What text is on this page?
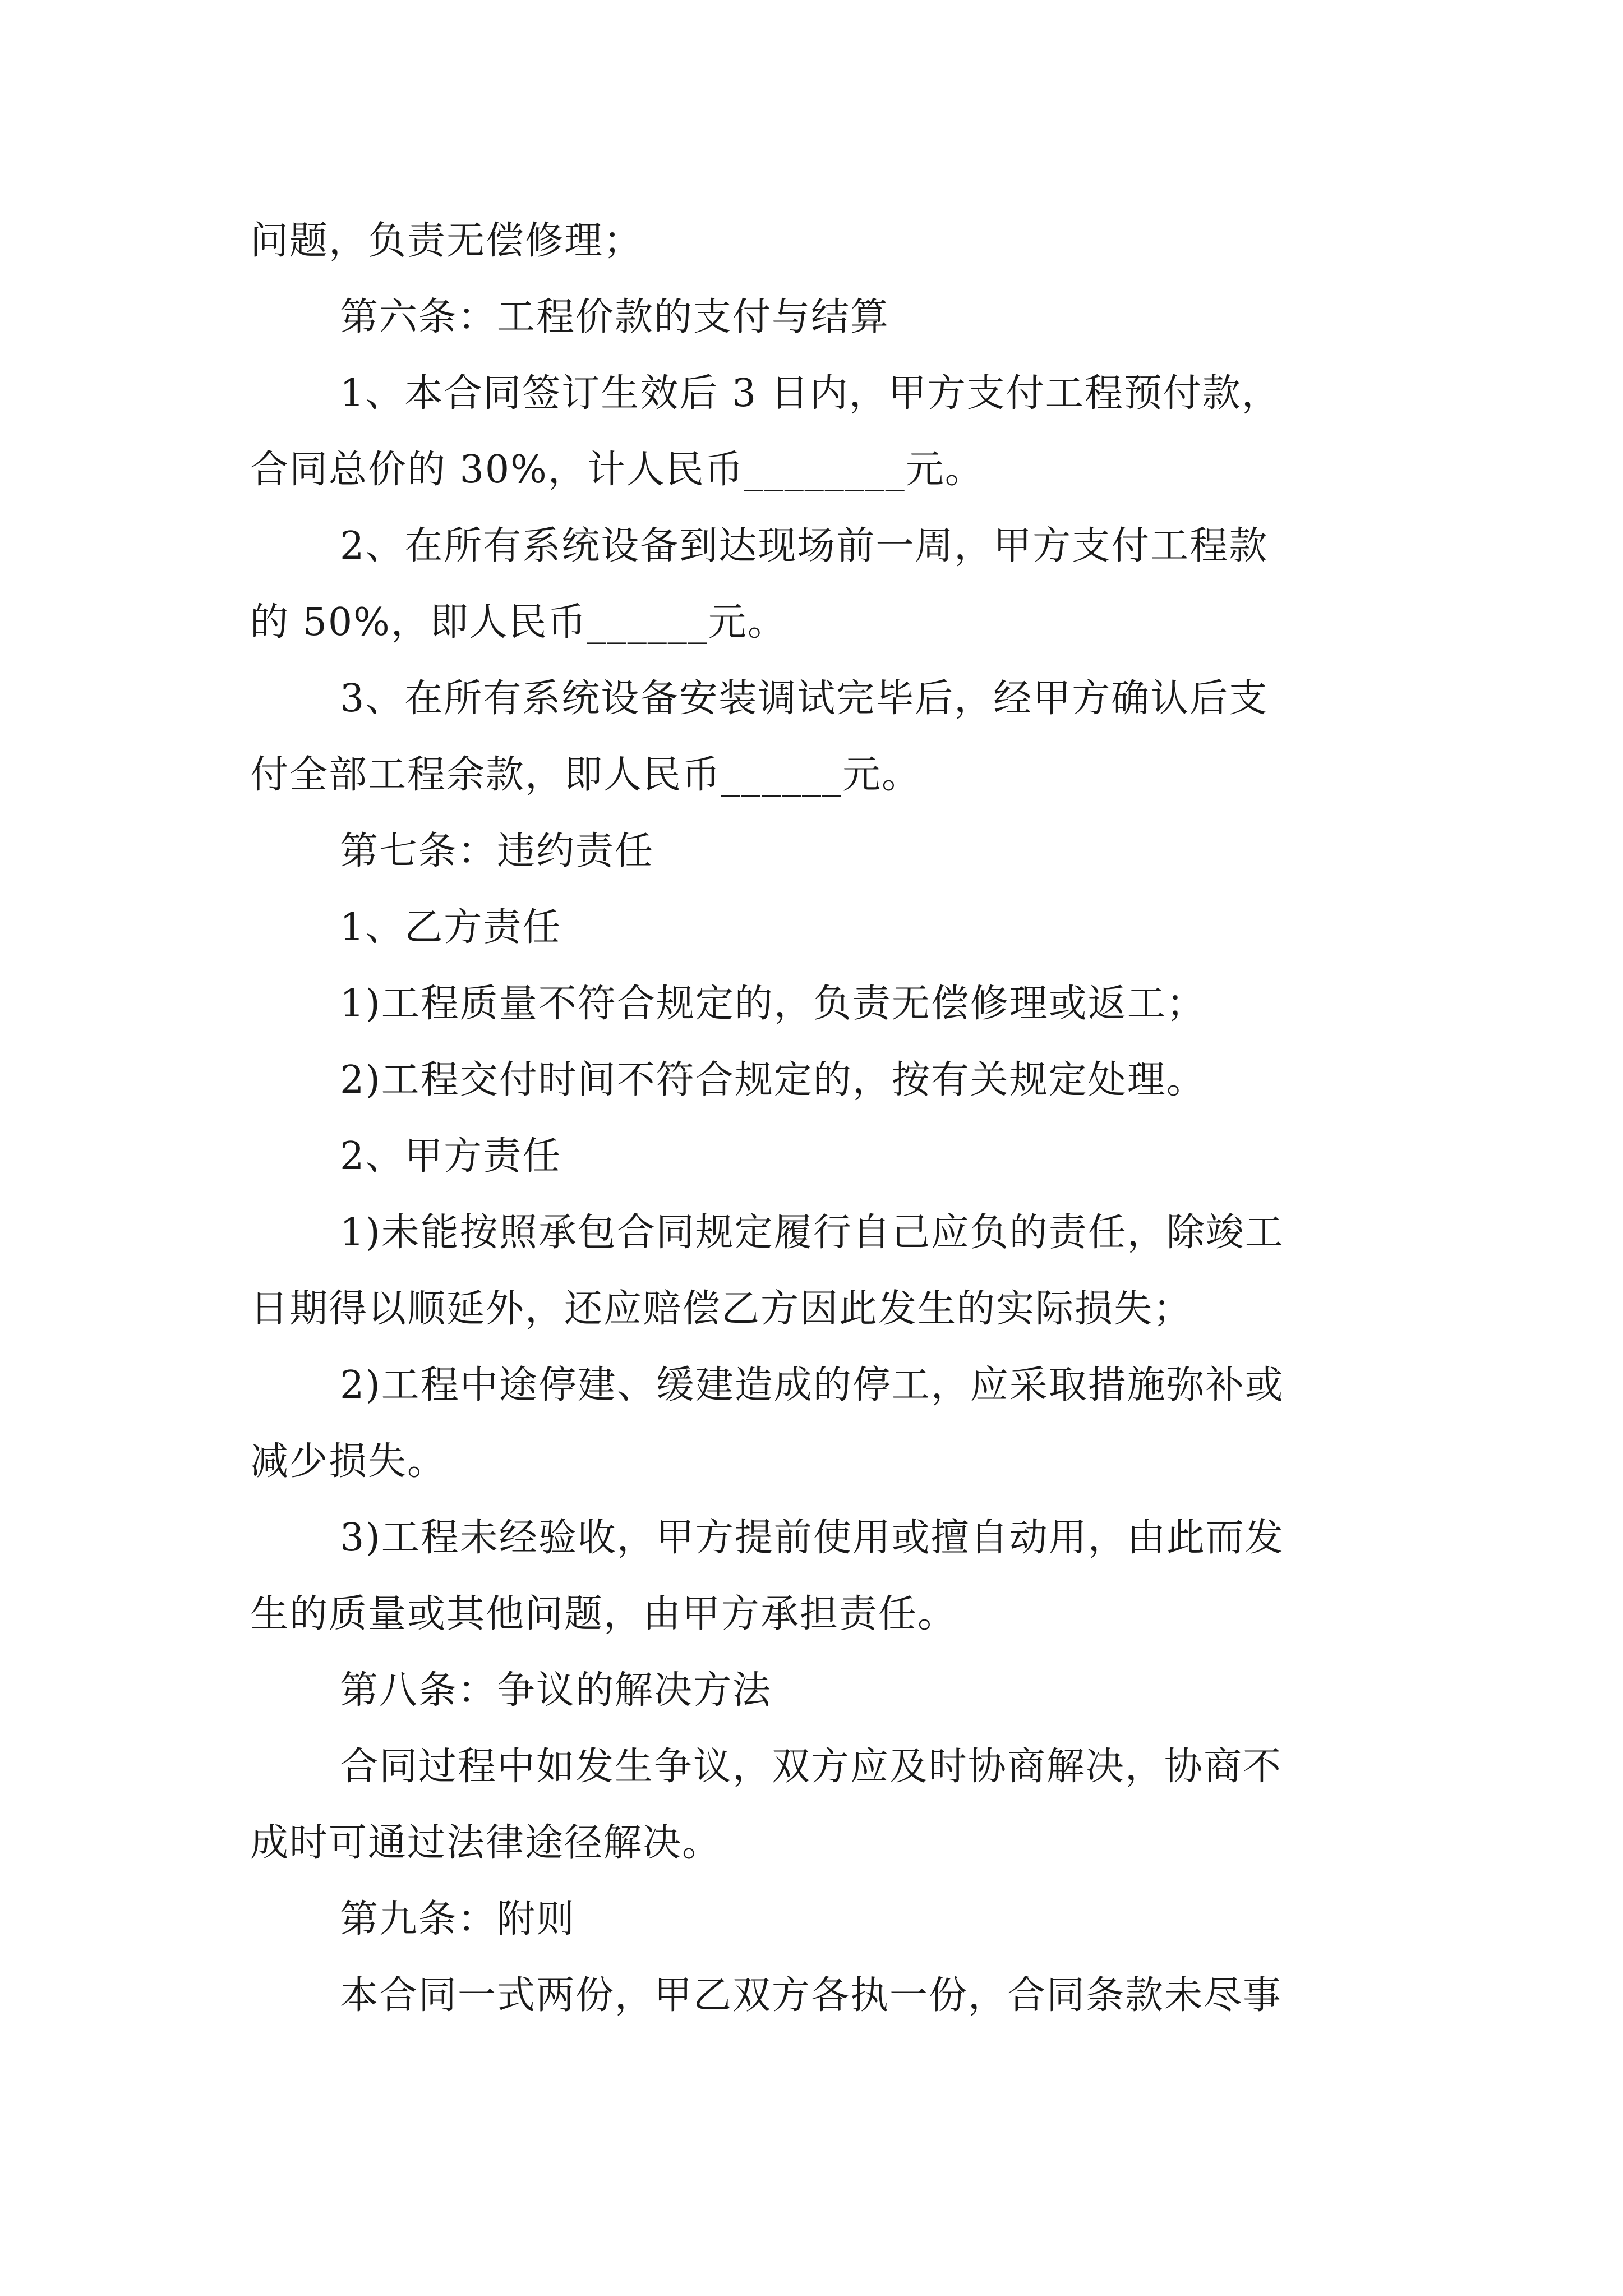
问题，负责无偿修理；
第六条：工程价款的支付与结算
1、本合同签订生效后 3 日内，甲方支付工程预付款，
合同总价的 30%，计人民币________元。
2、在所有系统设备到达现场前一周，甲方支付工程款
的 50%，即人民币______元。
3、在所有系统设备安装调试完毕后，经甲方确认后支
付全部工程余款，即人民币______元。
第七条：违约责任
1、乙方责任
1)工程质量不符合规定的，负责无偿修理或返工；
2)工程交付时间不符合规定的，按有关规定处理。
2、甲方责任
1)未能按照承包合同规定履行自己应负的责任，除竣工
日期得以顺延外，还应赔偿乙方因此发生的实际损失；
2)工程中途停建、缓建造成的停工，应采取措施弥补或
减少损失。
3)工程未经验收，甲方提前使用或擅自动用，由此而发
生的质量或其他问题，由甲方承担责任。
第八条：争议的解决方法
合同过程中如发生争议，双方应及时协商解决，协商不
成时可通过法律途径解决。
第九条：附则
本合同一式两份，甲乙双方各执一份，合同条款未尽事
